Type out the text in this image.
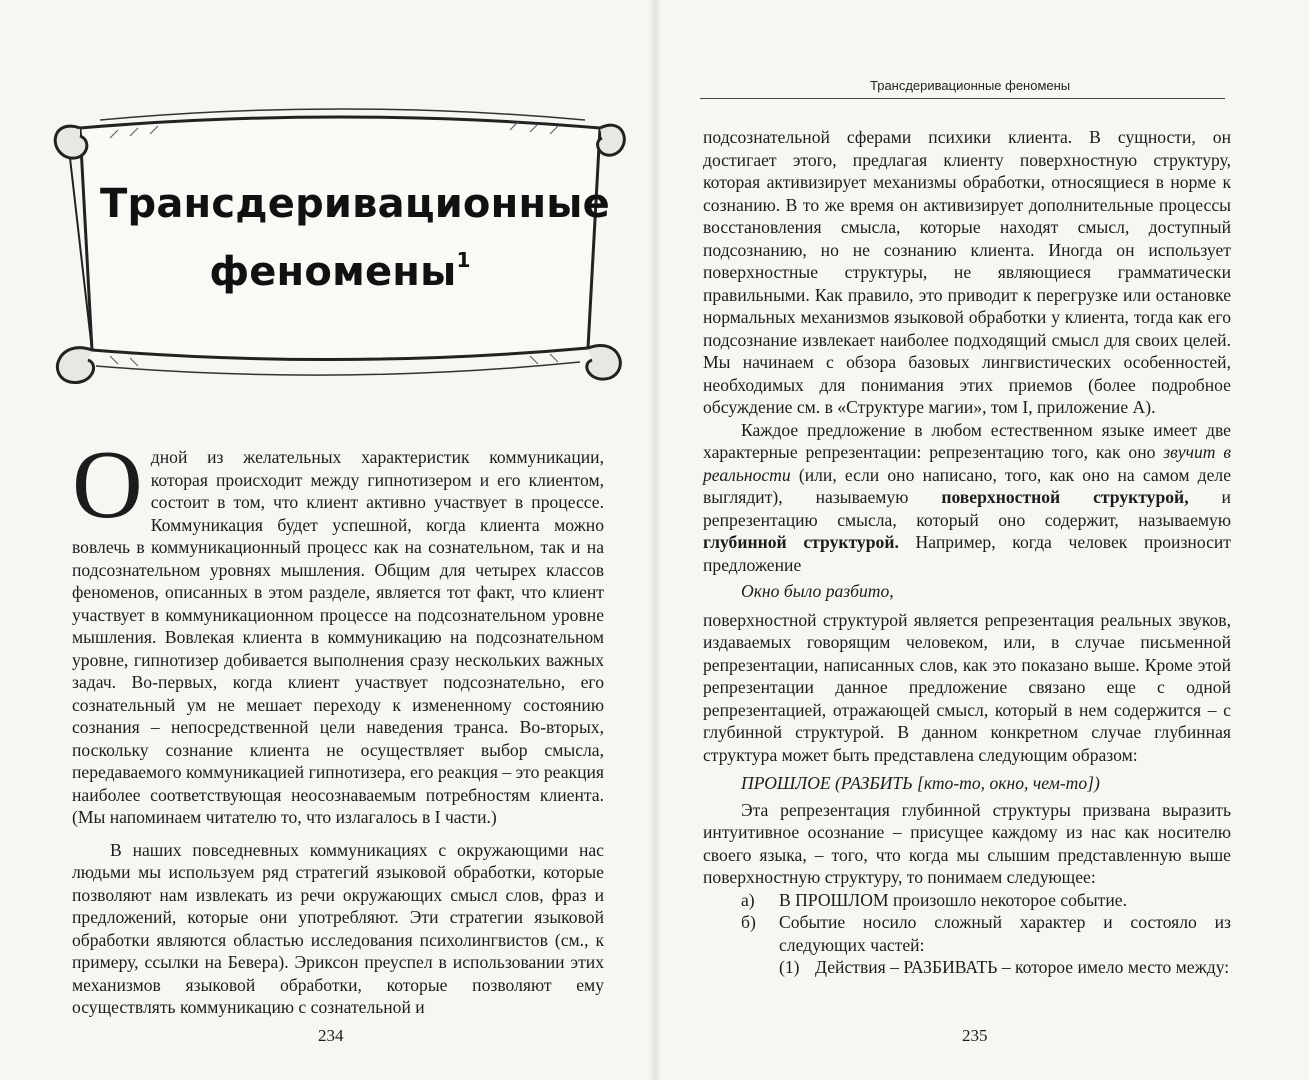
Трансдеривационные
феномены$^1$

Одной из желательных характеристик коммуникации, которая происходит между гипнотизером и его клиентом, состоит в том, что клиент активно участвует в процессе. Коммуникация будет успешной, когда клиента можно вовлечь в коммуникационный процесс как на сознательном, так и на подсознательном уровнях мышления. Общим для четырех классов феноменов, описанных в этом разделе, является тот факт, что клиент участвует в коммуникационном процессе на подсознательном уровне мышления. Вовлекая клиента в коммуникацию на подсознательном уровне, гипнотизер добивается выполнения сразу нескольких важных задач. Во-первых, когда клиент участвует подсознательно, его сознательный ум не мешает переходу к измененному состоянию сознания – непосредственной цели наведения транса. Во-вторых, поскольку сознание клиента не осуществляет выбор смысла, передаваемого коммуникацией гипнотизера, его реакция – это реакция наиболее соответствующая неосознаваемым потребностям клиента. (Мы напоминаем читателю то, что излагалось в I части.)

В наших повседневных коммуникациях с окружающими нас людьми мы используем ряд стратегий языковой обработки, которые позволяют нам извлекать из речи окружающих смысл слов, фраз и предложений, которые они употребляют. Эти стратегии языковой обработки являются областью исследования психолингвистов (см., к примеру, ссылки на Бевера). Эриксон преуспел в использовании этих механизмов языковой обработки, которые позволяют ему осуществлять коммуникацию с сознательной и

234
Трансдеривационные феномены

подсознательной сферами психики клиента. В сущности, он достигает этого, предлагая клиенту поверхностную структуру, которая активизирует механизмы обработки, относящиеся в норме к сознанию. В то же время он активизирует дополнительные процессы восстановления смысла, которые находят смысл, доступный подсознанию, но не сознанию клиента. Иногда он использует поверхностные структуры, не являющиеся грамматически правильными. Как правило, это приводит к перегрузке или остановке нормальных механизмов языковой обработки у клиента, тогда как его подсознание извлекает наиболее подходящий смысл для своих целей. Мы начинаем с обзора базовых лингвистических особенностей, необходимых для понимания этих приемов (более подробное обсуждение см. в «Структуре магии», том I, приложение А).

Каждое предложение в любом естественном языке имеет две характерные репрезентации: репрезентацию того, как оно звучит в реальности (или, если оно написано, того, как оно на самом деле выглядит), называемую поверхностной структурой, и репрезентацию смысла, который оно содержит, называемую глубинной структурой. Например, когда человек произносит предложение

Окно было разбито,

поверхностной структурой является репрезентация реальных звуков, издаваемых говорящим человеком, или, в случае письменной репрезентации, написанных слов, как это показано выше. Кроме этой репрезентации данное предложение связано еще с одной репрезентацией, отражающей смысл, который в нем содержится – с глубинной структурой. В данном конкретном случае глубинная структура может быть представлена следующим образом:

ПРОШЛОЕ (РАЗБИТЬ [кто-то, окно, чем-то])

Эта репрезентация глубинной структуры призвана выразить интуитивное осознание – присущее каждому из нас как носителю своего языка, – того, что когда мы слышим представленную выше поверхностную структуру, то понимаем следующее:

а) В ПРОШЛОМ произошло некоторое событие.

б) Событие носило сложный характер и состояло из следующих частей:

(1) Действия – РАЗБИВАТЬ – которое имело место между:

235
